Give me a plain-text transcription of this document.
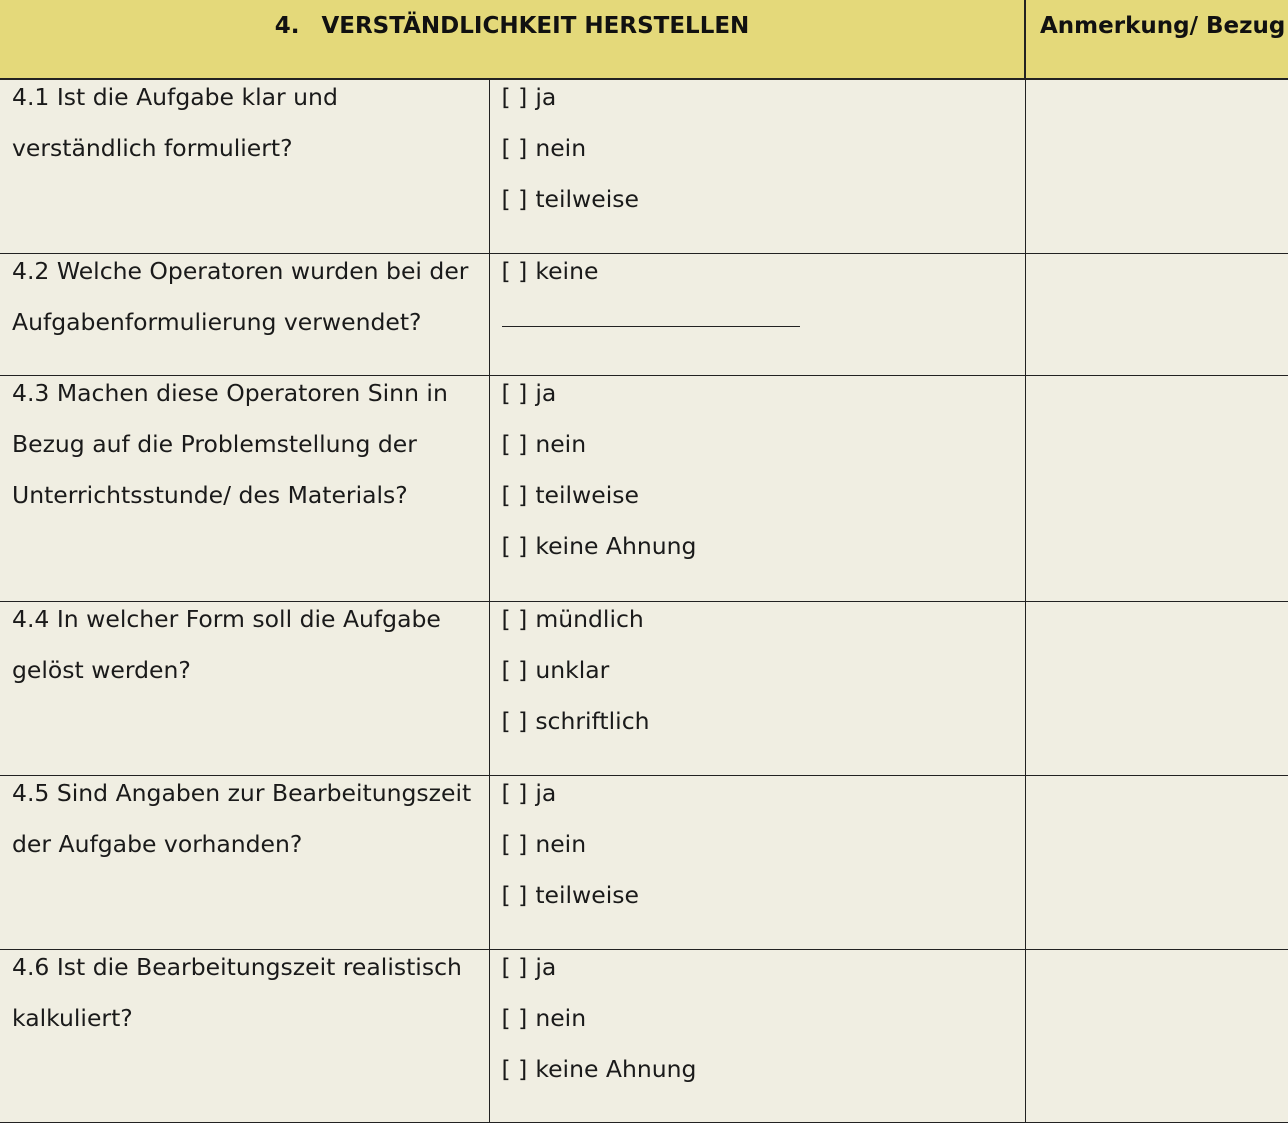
4. VERSTÄNDLICHKEIT HERSTELLEN		Anmerkung/ Bezug

4.1 Ist die Aufgabe klar und verständlich formuliert?	[ ] ja
[ ] nein
[ ] teilweise	

4.2 Welche Operatoren wurden bei der Aufgabenformulierung verwendet?	[ ] keine	

4.3 Machen diese Operatoren Sinn in Bezug auf die Problemstellung der Unterrichtsstunde/ des Materials?	[ ] ja
[ ] nein
[ ] teilweise
[ ] keine Ahnung	

4.4 In welcher Form soll die Aufgabe gelöst werden?	[ ] mündlich
[ ] unklar
[ ] schriftlich	

4.5 Sind Angaben zur Bearbeitungszeit der Aufgabe vorhanden?	[ ] ja
[ ] nein
[ ] teilweise	

4.6 Ist die Bearbeitungszeit realistisch kalkuliert?	[ ] ja
[ ] nein
[ ] keine Ahnung	
